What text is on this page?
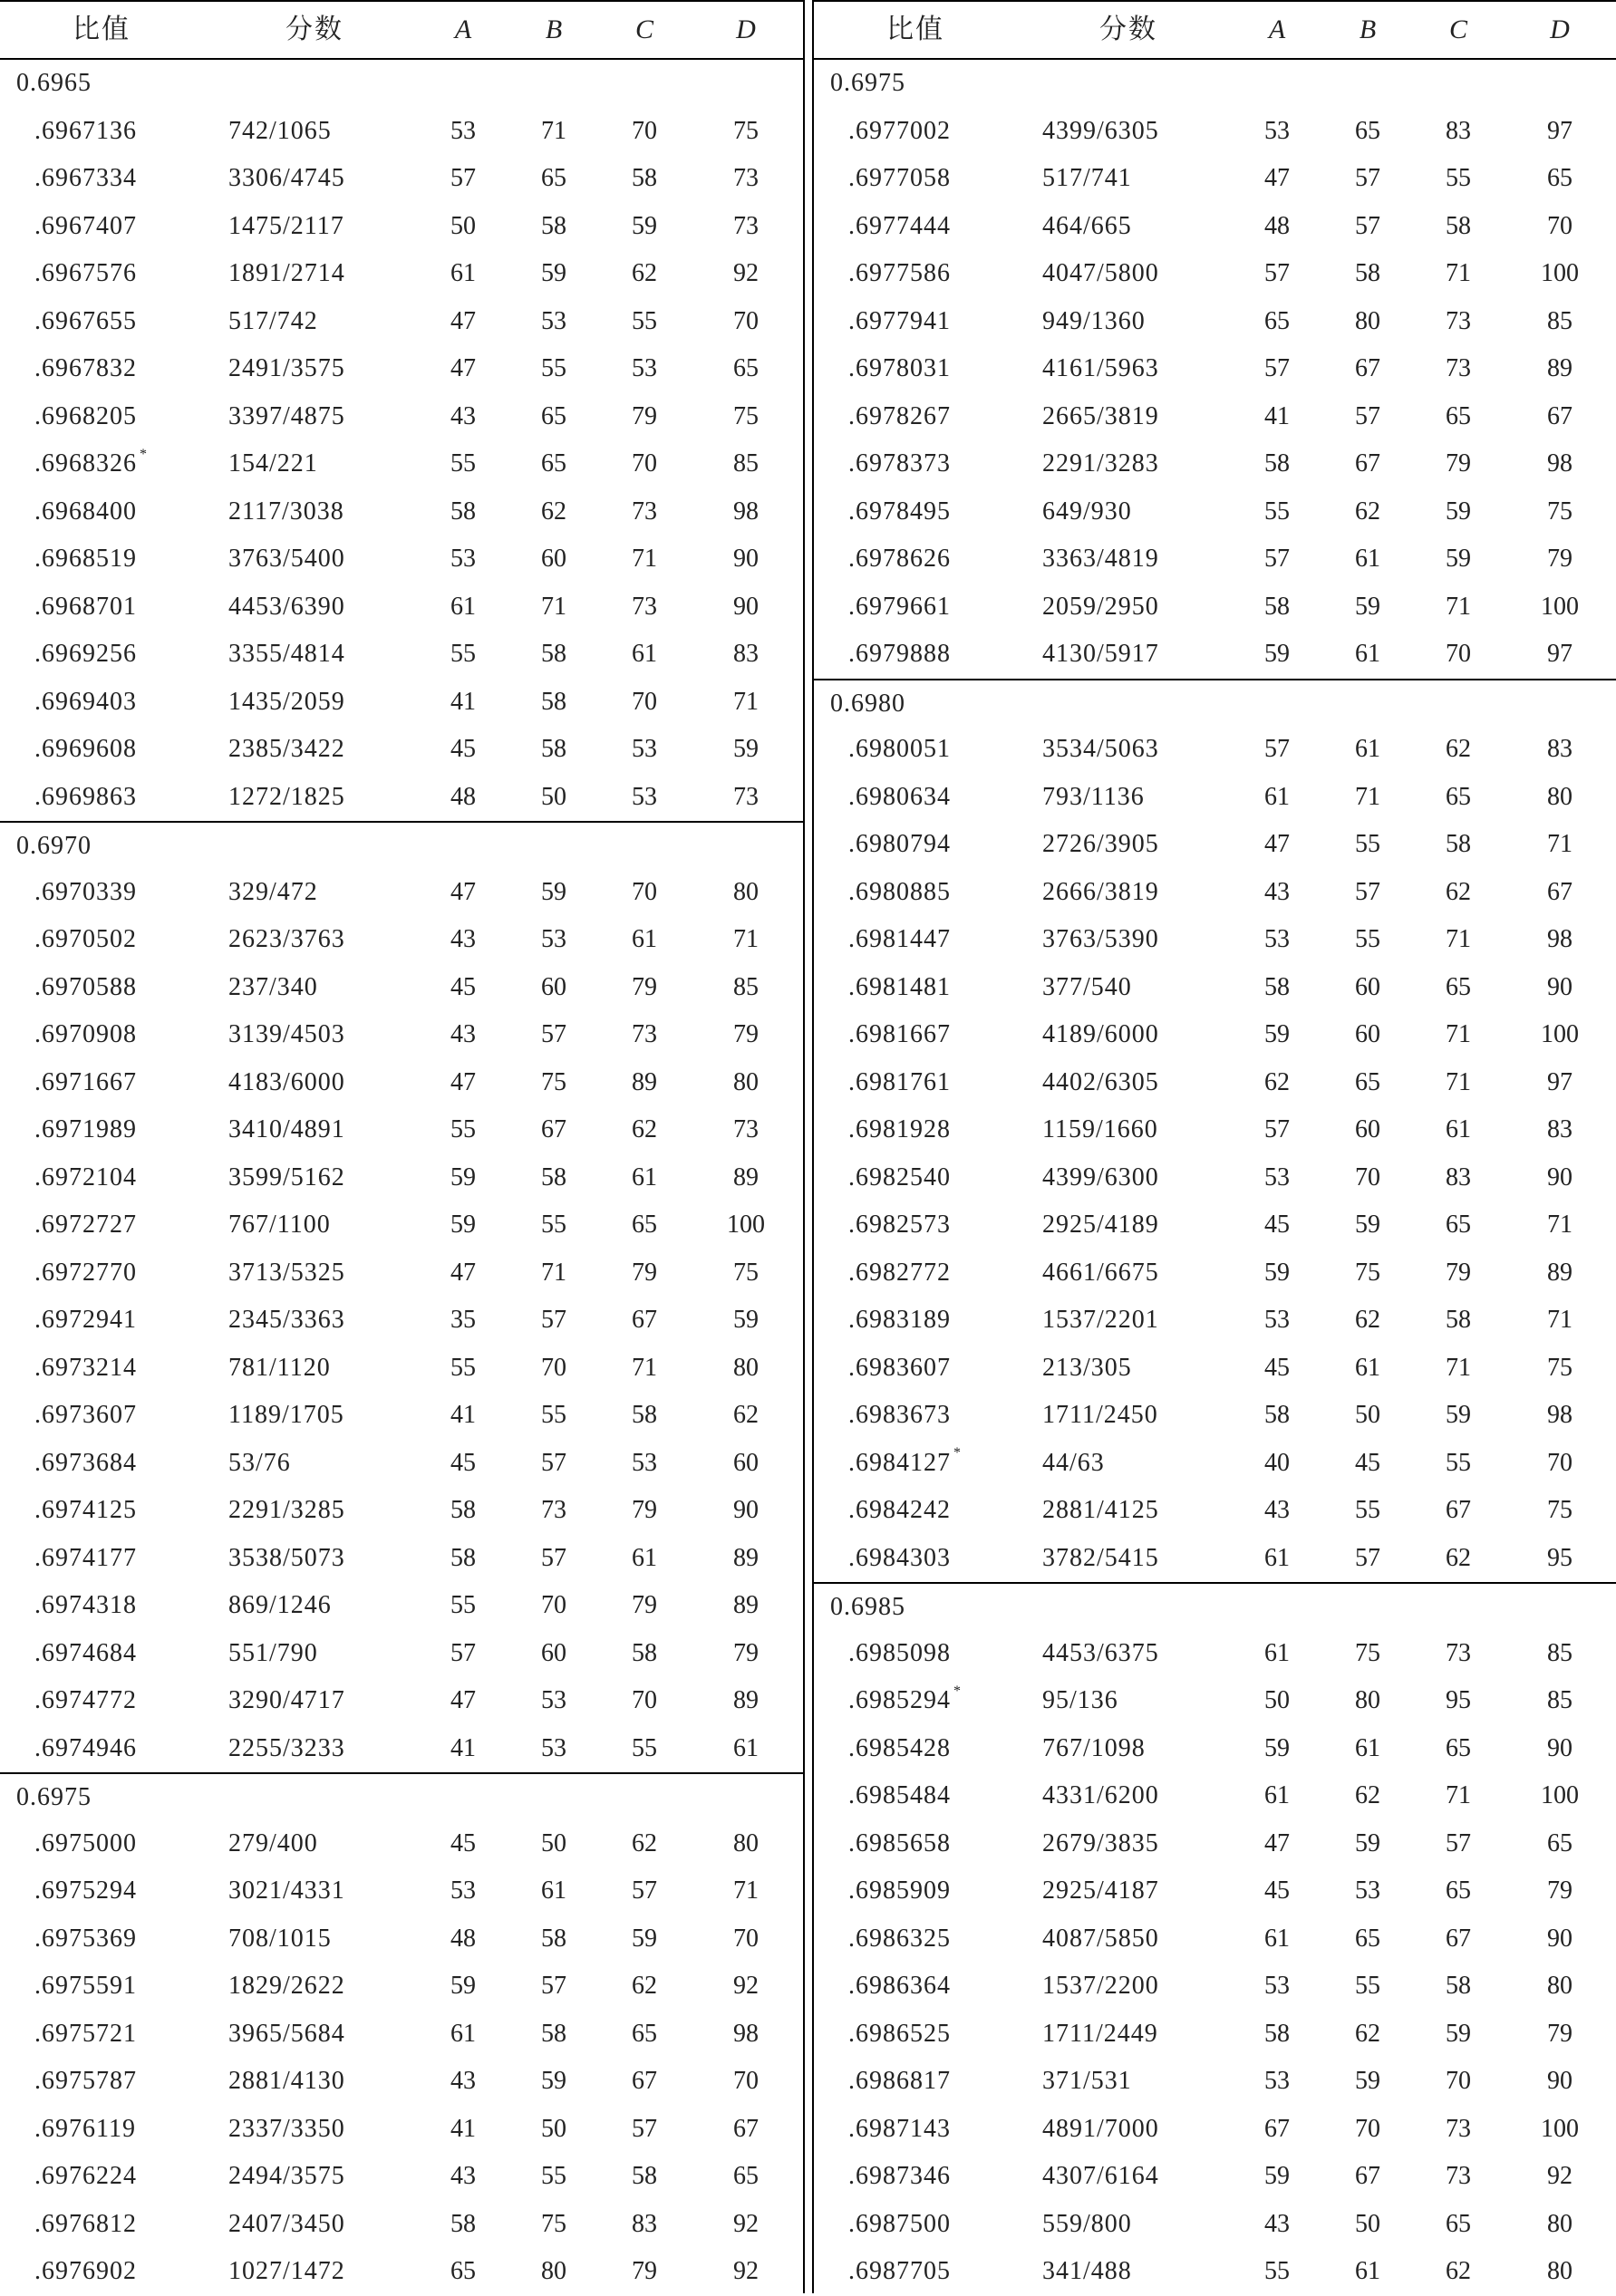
比值	分数	A	B	C	D
0.6965
.6967136	742/1065	53	71	70	75
.6967334	3306/4745	57	65	58	73
.6967407	1475/2117	50	58	59	73
.6967576	1891/2714	61	59	62	92
.6967655	517/742	47	53	55	70
.6967832	2491/3575	47	55	53	65
.6968205	3397/4875	43	65	79	75
.6968326 *	154/221	55	65	70	85
.6968400	2117/3038	58	62	73	98
.6968519	3763/5400	53	60	71	90
.6968701	4453/6390	61	71	73	90
.6969256	3355/4814	55	58	61	83
.6969403	1435/2059	41	58	70	71
.6969608	2385/3422	45	58	53	59
.6969863	1272/1825	48	50	53	73
0.6970
.6970339	329/472	47	59	70	80
.6970502	2623/3763	43	53	61	71
.6970588	237/340	45	60	79	85
.6970908	3139/4503	43	57	73	79
.6971667	4183/6000	47	75	89	80
.6971989	3410/4891	55	67	62	73
.6972104	3599/5162	59	58	61	89
.6972727	767/1100	59	55	65	100
.6972770	3713/5325	47	71	79	75
.6972941	2345/3363	35	57	67	59
.6973214	781/1120	55	70	71	80
.6973607	1189/1705	41	55	58	62
.6973684	53/76	45	57	53	60
.6974125	2291/3285	58	73	79	90
.6974177	3538/5073	58	57	61	89
.6974318	869/1246	55	70	79	89
.6974684	551/790	57	60	58	79
.6974772	3290/4717	47	53	70	89
.6974946	2255/3233	41	53	55	61
0.6975
.6975000	279/400	45	50	62	80
.6975294	3021/4331	53	61	57	71
.6975369	708/1015	48	58	59	70
.6975591	1829/2622	59	57	62	92
.6975721	3965/5684	61	58	65	98
.6975787	2881/4130	43	59	67	70
.6976119	2337/3350	41	50	57	67
.6976224	2494/3575	43	55	58	65
.6976812	2407/3450	58	75	83	92
.6976902	1027/1472	65	80	79	92
比值	分数	A	B	C	D
0.6975
.6977002	4399/6305	53	65	83	97
.6977058	517/741	47	57	55	65
.6977444	464/665	48	57	58	70
.6977586	4047/5800	57	58	71	100
.6977941	949/1360	65	80	73	85
.6978031	4161/5963	57	67	73	89
.6978267	2665/3819	41	57	65	67
.6978373	2291/3283	58	67	79	98
.6978495	649/930	55	62	59	75
.6978626	3363/4819	57	61	59	79
.6979661	2059/2950	58	59	71	100
.6979888	4130/5917	59	61	70	97
0.6980
.6980051	3534/5063	57	61	62	83
.6980634	793/1136	61	71	65	80
.6980794	2726/3905	47	55	58	71
.6980885	2666/3819	43	57	62	67
.6981447	3763/5390	53	55	71	98
.6981481	377/540	58	60	65	90
.6981667	4189/6000	59	60	71	100
.6981761	4402/6305	62	65	71	97
.6981928	1159/1660	57	60	61	83
.6982540	4399/6300	53	70	83	90
.6982573	2925/4189	45	59	65	71
.6982772	4661/6675	59	75	79	89
.6983189	1537/2201	53	62	58	71
.6983607	213/305	45	61	71	75
.6983673	1711/2450	58	50	59	98
.6984127 *	44/63	40	45	55	70
.6984242	2881/4125	43	55	67	75
.6984303	3782/5415	61	57	62	95
0.6985
.6985098	4453/6375	61	75	73	85
.6985294 *	95/136	50	80	95	85
.6985428	767/1098	59	61	65	90
.6985484	4331/6200	61	62	71	100
.6985658	2679/3835	47	59	57	65
.6985909	2925/4187	45	53	65	79
.6986325	4087/5850	61	65	67	90
.6986364	1537/2200	53	55	58	80
.6986525	1711/2449	58	62	59	79
.6986817	371/531	53	59	70	90
.6987143	4891/7000	67	70	73	100
.6987346	4307/6164	59	67	73	92
.6987500	559/800	43	50	65	80
.6987705	341/488	55	61	62	80
